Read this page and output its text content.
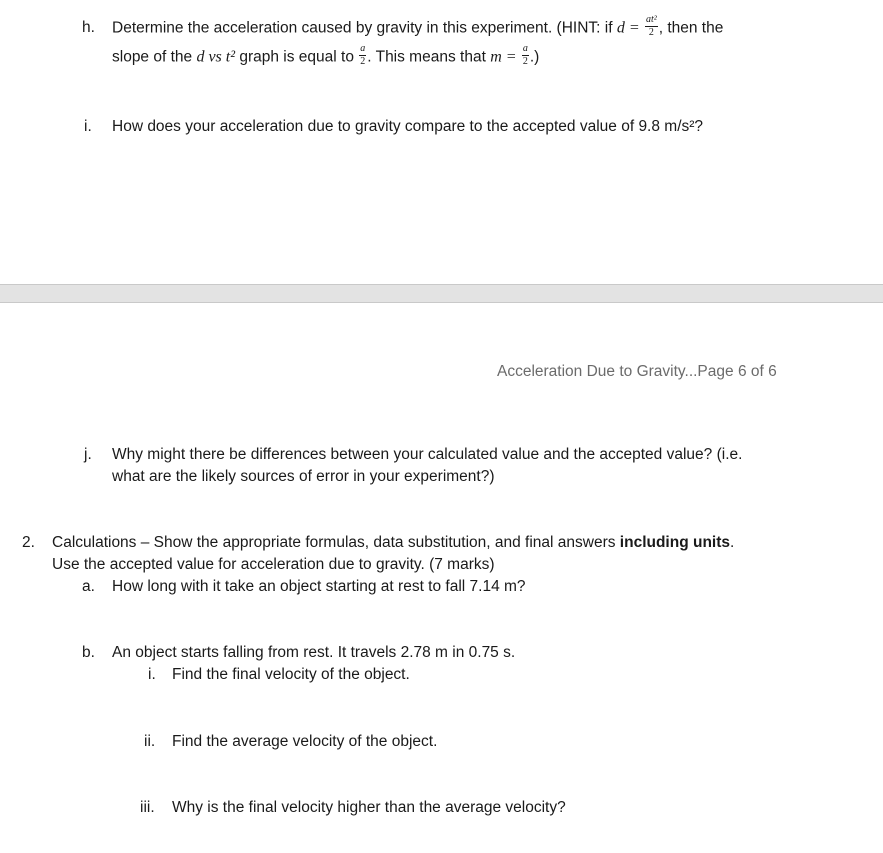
h. Determine the acceleration caused by gravity in this experiment. (HINT: if $d = \frac{\text{at²}}{2}$ , then the
slope of the d vs t² graph is equal to $\frac{a}{2}$ . This means that $m = \frac{a}{2}$ .)
i. How does your acceleration due to gravity compare to the accepted value of 9.8 m/s²?
Acceleration Due to Gravity...Page 6 of 6
j. Why might there be differences between your calculated value and the accepted value? (i.e.
what are the likely sources of error in your experiment?)
2. Calculations – Show the appropriate formulas, data substitution, and final answers including units.
Use the accepted value for acceleration due to gravity. (7 marks)
a. How long with it take an object starting at rest to fall 7.14 m?
b. An object starts falling from rest. It travels 2.78 m in 0.75 s.
i. Find the final velocity of the object.
ii. Find the average velocity of the object.
iii. Why is the final velocity higher than the average velocity?
